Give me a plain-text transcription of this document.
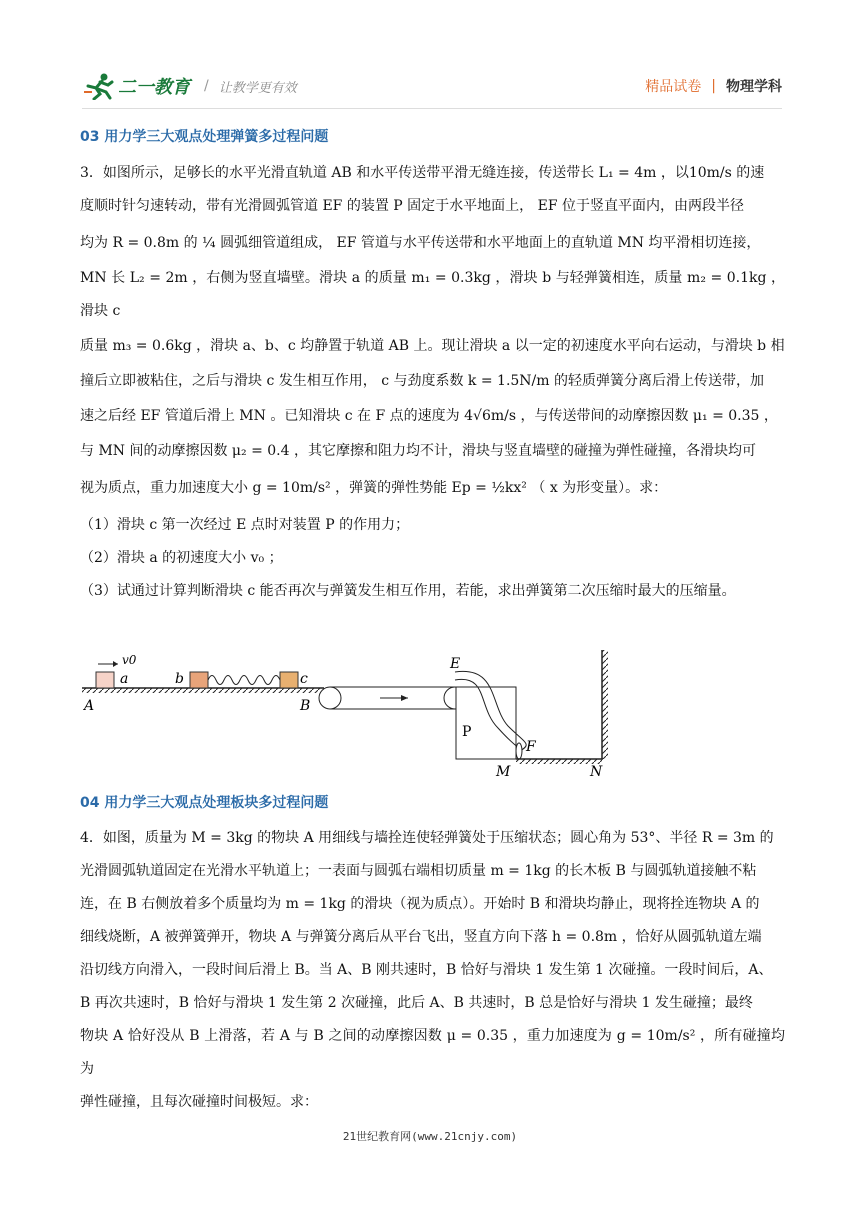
二一教育 / 让教学更有效	精品试卷 | 物理学科
03 用力学三大观点处理弹簧多过程问题

3．如图所示，足够长的水平光滑直轨道 AB 和水平传送带平滑无缝连接，传送带长 L₁ = 4m ，以10m/s 的速

度顺时针匀速转动，带有光滑圆弧管道 EF 的装置 P 固定于水平地面上， EF 位于竖直平面内，由两段半径

均为 R = 0.8m 的 ¼ 圆弧细管道组成， EF 管道与水平传送带和水平地面上的直轨道 MN 均平滑相切连接，

MN 长 L₂ = 2m ，右侧为竖直墙壁。滑块 a 的质量 m₁ = 0.3kg ，滑块 b 与轻弹簧相连，质量 m₂ = 0.1kg ，滑块 c

质量 m₃ = 0.6kg ，滑块 a、b、c 均静置于轨道 AB 上。现让滑块 a 以一定的初速度水平向右运动，与滑块 b 相

撞后立即被粘住，之后与滑块 c 发生相互作用， c 与劲度系数 k = 1.5N/m 的轻质弹簧分离后滑上传送带，加

速之后经 EF 管道后滑上 MN 。已知滑块 c 在 F 点的速度为 4√6m/s ，与传送带间的动摩擦因数 μ₁ = 0.35 ，

与 MN 间的动摩擦因数 μ₂ = 0.4 ，其它摩擦和阻力均不计，滑块与竖直墙壁的碰撞为弹性碰撞，各滑块均可

视为质点，重力加速度大小 g = 10m/s² ，弹簧的弹性势能 Ep = ½kx² （ x 为形变量）。求：

（1）滑块 c 第一次经过 E 点时对装置 P 的作用力；

（2）滑块 a 的初速度大小 v₀ ；

（3）试通过计算判断滑块 c 能否再次与弹簧发生相互作用，若能，求出弹簧第二次压缩时最大的压缩量。

v0
a
A
b	c
B
P
E
F
M	N
04 用力学三大观点处理板块多过程问题

4．如图，质量为 M = 3kg 的物块 A 用细线与墙拴连使轻弹簧处于压缩状态；圆心角为 53°、半径 R = 3m 的

光滑圆弧轨道固定在光滑水平轨道上；一表面与圆弧右端相切质量 m = 1kg 的长木板 B 与圆弧轨道接触不粘

连，在 B 右侧放着多个质量均为 m = 1kg 的滑块（视为质点）。开始时 B 和滑块均静止，现将拴连物块 A 的

细线烧断，A 被弹簧弹开，物块 A 与弹簧分离后从平台飞出，竖直方向下落 h = 0.8m ，恰好从圆弧轨道左端

沿切线方向滑入，一段时间后滑上 B。当 A、B 刚共速时，B 恰好与滑块 1 发生第 1 次碰撞。一段时间后，A、

B 再次共速时，B 恰好与滑块 1 发生第 2 次碰撞，此后 A、B 共速时，B 总是恰好与滑块 1 发生碰撞；最终

物块 A 恰好没从 B 上滑落，若 A 与 B 之间的动摩擦因数 μ = 0.35 ，重力加速度为 g = 10m/s² ，所有碰撞均为

弹性碰撞，且每次碰撞时间极短。求：

21世纪教育网(www.21cnjy.com)
